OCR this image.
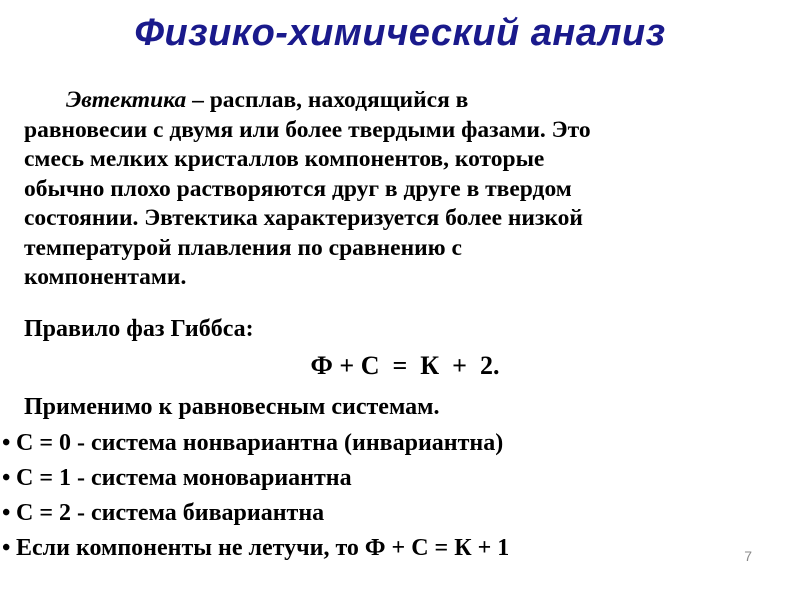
Физико-химический анализ
Эвтектика – расплав, находящийся в
равновесии с двумя или более твердыми фазами. Это
смесь мелких кристаллов компонентов, которые
обычно плохо растворяются друг в друге в твердом
состоянии. Эвтектика характеризуется более низкой
температурой плавления по сравнению с
компонентами.
Правило фаз Гиббса:
Ф + С  =  К  +  2.
Применимо к равновесным системам.
• С = 0 - система нонвариантна (инвариантна)
• С = 1 - система моновариантна
• С = 2 - система бивариантна
• Если компоненты не летучи, то Ф + С = К + 1	7
